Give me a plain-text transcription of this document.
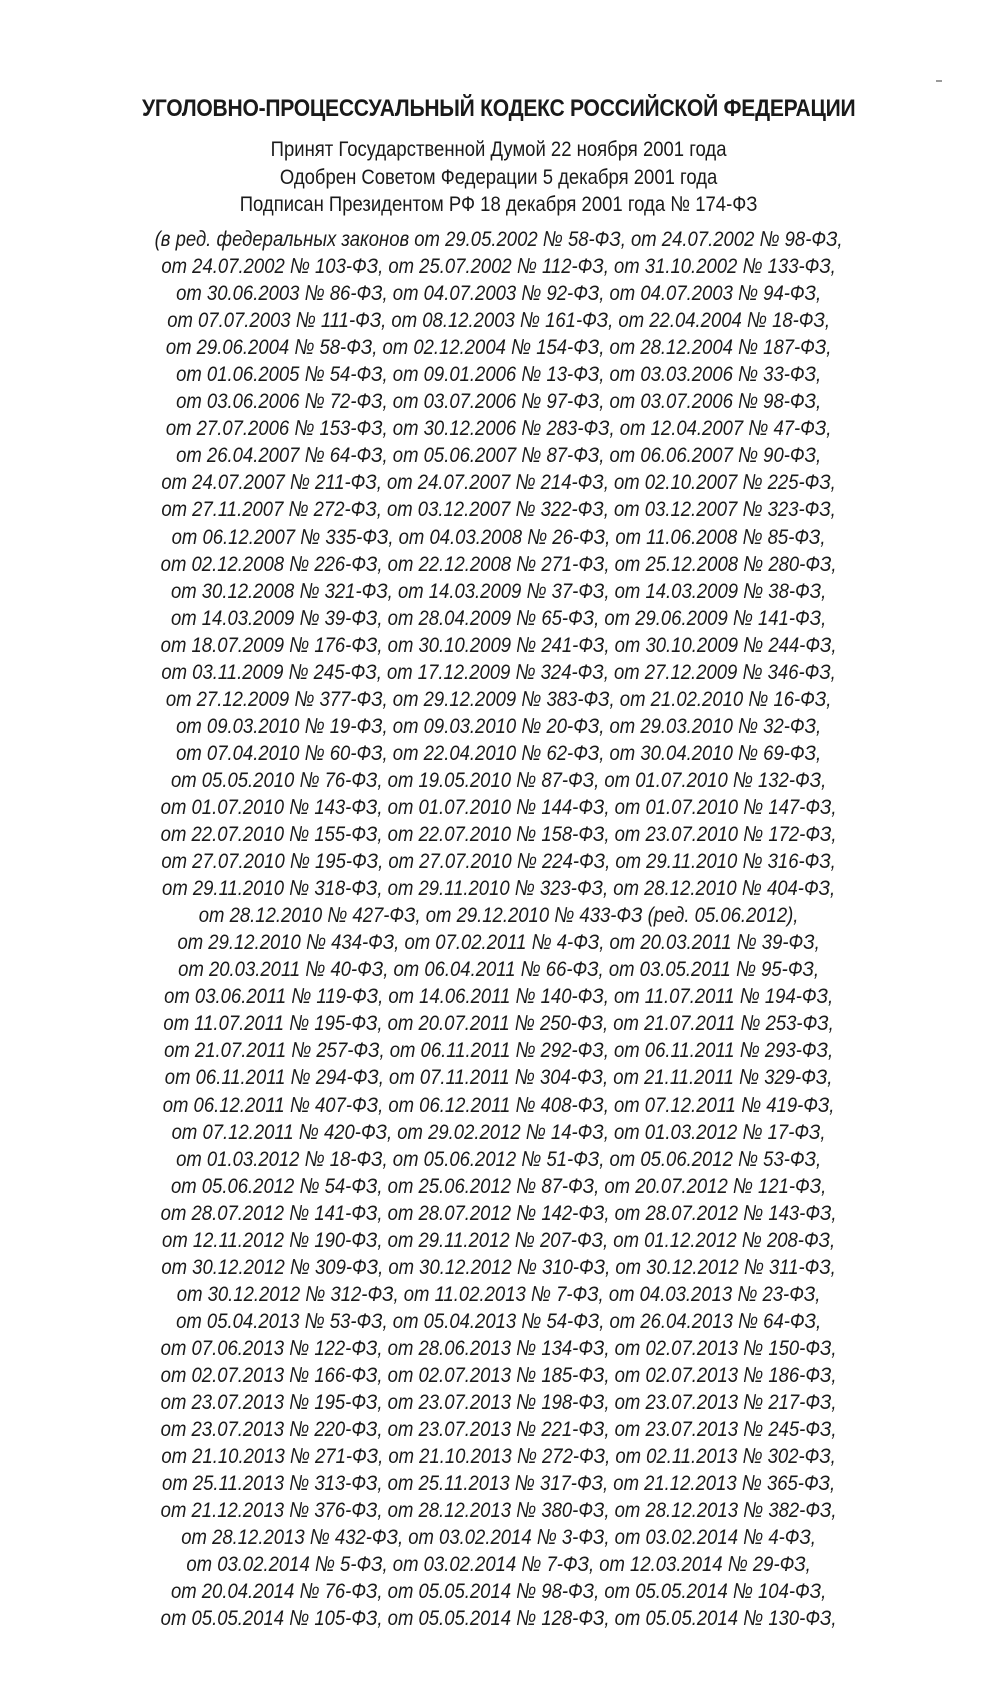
УГОЛОВНО-ПРОЦЕССУАЛЬНЫЙ КОДЕКС РОССИЙСКОЙ ФЕДЕРАЦИИ
Принят Государственной Думой 22 ноября 2001 года
Одобрен Советом Федерации 5 декабря 2001 года
Подписан Президентом РФ 18 декабря 2001 года № 174-ФЗ
(в ред. федеральных законов от 29.05.2002 № 58-ФЗ, от 24.07.2002 № 98-ФЗ,
от 24.07.2002 № 103-ФЗ, от 25.07.2002 № 112-ФЗ, от 31.10.2002 № 133-ФЗ,
от 30.06.2003 № 86-ФЗ, от 04.07.2003 № 92-ФЗ, от 04.07.2003 № 94-ФЗ,
от 07.07.2003 № 111-ФЗ, от 08.12.2003 № 161-ФЗ, от 22.04.2004 № 18-ФЗ,
от 29.06.2004 № 58-ФЗ, от 02.12.2004 № 154-ФЗ, от 28.12.2004 № 187-ФЗ,
от 01.06.2005 № 54-ФЗ, от 09.01.2006 № 13-ФЗ, от 03.03.2006 № 33-ФЗ,
от 03.06.2006 № 72-ФЗ, от 03.07.2006 № 97-ФЗ, от 03.07.2006 № 98-ФЗ,
от 27.07.2006 № 153-ФЗ, от 30.12.2006 № 283-ФЗ, от 12.04.2007 № 47-ФЗ,
от 26.04.2007 № 64-ФЗ, от 05.06.2007 № 87-ФЗ, от 06.06.2007 № 90-ФЗ,
от 24.07.2007 № 211-ФЗ, от 24.07.2007 № 214-ФЗ, от 02.10.2007 № 225-ФЗ,
от 27.11.2007 № 272-ФЗ, от 03.12.2007 № 322-ФЗ, от 03.12.2007 № 323-ФЗ,
от 06.12.2007 № 335-ФЗ, от 04.03.2008 № 26-ФЗ, от 11.06.2008 № 85-ФЗ,
от 02.12.2008 № 226-ФЗ, от 22.12.2008 № 271-ФЗ, от 25.12.2008 № 280-ФЗ,
от 30.12.2008 № 321-ФЗ, от 14.03.2009 № 37-ФЗ, от 14.03.2009 № 38-ФЗ,
от 14.03.2009 № 39-ФЗ, от 28.04.2009 № 65-ФЗ, от 29.06.2009 № 141-ФЗ,
от 18.07.2009 № 176-ФЗ, от 30.10.2009 № 241-ФЗ, от 30.10.2009 № 244-ФЗ,
от 03.11.2009 № 245-ФЗ, от 17.12.2009 № 324-ФЗ, от 27.12.2009 № 346-ФЗ,
от 27.12.2009 № 377-ФЗ, от 29.12.2009 № 383-ФЗ, от 21.02.2010 № 16-ФЗ,
от 09.03.2010 № 19-ФЗ, от 09.03.2010 № 20-ФЗ, от 29.03.2010 № 32-ФЗ,
от 07.04.2010 № 60-ФЗ, от 22.04.2010 № 62-ФЗ, от 30.04.2010 № 69-ФЗ,
от 05.05.2010 № 76-ФЗ, от 19.05.2010 № 87-ФЗ, от 01.07.2010 № 132-ФЗ,
от 01.07.2010 № 143-ФЗ, от 01.07.2010 № 144-ФЗ, от 01.07.2010 № 147-ФЗ,
от 22.07.2010 № 155-ФЗ, от 22.07.2010 № 158-ФЗ, от 23.07.2010 № 172-ФЗ,
от 27.07.2010 № 195-ФЗ, от 27.07.2010 № 224-ФЗ, от 29.11.2010 № 316-ФЗ,
от 29.11.2010 № 318-ФЗ, от 29.11.2010 № 323-ФЗ, от 28.12.2010 № 404-ФЗ,
от 28.12.2010 № 427-ФЗ, от 29.12.2010 № 433-ФЗ (ред. 05.06.2012),
от 29.12.2010 № 434-ФЗ, от 07.02.2011 № 4-ФЗ, от 20.03.2011 № 39-ФЗ,
от 20.03.2011 № 40-ФЗ, от 06.04.2011 № 66-ФЗ, от 03.05.2011 № 95-ФЗ,
от 03.06.2011 № 119-ФЗ, от 14.06.2011 № 140-ФЗ, от 11.07.2011 № 194-ФЗ,
от 11.07.2011 № 195-ФЗ, от 20.07.2011 № 250-ФЗ, от 21.07.2011 № 253-ФЗ,
от 21.07.2011 № 257-ФЗ, от 06.11.2011 № 292-ФЗ, от 06.11.2011 № 293-ФЗ,
от 06.11.2011 № 294-ФЗ, от 07.11.2011 № 304-ФЗ, от 21.11.2011 № 329-ФЗ,
от 06.12.2011 № 407-ФЗ, от 06.12.2011 № 408-ФЗ, от 07.12.2011 № 419-ФЗ,
от 07.12.2011 № 420-ФЗ, от 29.02.2012 № 14-ФЗ, от 01.03.2012 № 17-ФЗ,
от 01.03.2012 № 18-ФЗ, от 05.06.2012 № 51-ФЗ, от 05.06.2012 № 53-ФЗ,
от 05.06.2012 № 54-ФЗ, от 25.06.2012 № 87-ФЗ, от 20.07.2012 № 121-ФЗ,
от 28.07.2012 № 141-ФЗ, от 28.07.2012 № 142-ФЗ, от 28.07.2012 № 143-ФЗ,
от 12.11.2012 № 190-ФЗ, от 29.11.2012 № 207-ФЗ, от 01.12.2012 № 208-ФЗ,
от 30.12.2012 № 309-ФЗ, от 30.12.2012 № 310-ФЗ, от 30.12.2012 № 311-ФЗ,
от 30.12.2012 № 312-ФЗ, от 11.02.2013 № 7-ФЗ, от 04.03.2013 № 23-ФЗ,
от 05.04.2013 № 53-ФЗ, от 05.04.2013 № 54-ФЗ, от 26.04.2013 № 64-ФЗ,
от 07.06.2013 № 122-ФЗ, от 28.06.2013 № 134-ФЗ, от 02.07.2013 № 150-ФЗ,
от 02.07.2013 № 166-ФЗ, от 02.07.2013 № 185-ФЗ, от 02.07.2013 № 186-ФЗ,
от 23.07.2013 № 195-ФЗ, от 23.07.2013 № 198-ФЗ, от 23.07.2013 № 217-ФЗ,
от 23.07.2013 № 220-ФЗ, от 23.07.2013 № 221-ФЗ, от 23.07.2013 № 245-ФЗ,
от 21.10.2013 № 271-ФЗ, от 21.10.2013 № 272-ФЗ, от 02.11.2013 № 302-ФЗ,
от 25.11.2013 № 313-ФЗ, от 25.11.2013 № 317-ФЗ, от 21.12.2013 № 365-ФЗ,
от 21.12.2013 № 376-ФЗ, от 28.12.2013 № 380-ФЗ, от 28.12.2013 № 382-ФЗ,
от 28.12.2013 № 432-ФЗ, от 03.02.2014 № 3-ФЗ, от 03.02.2014 № 4-ФЗ,
от 03.02.2014 № 5-ФЗ, от 03.02.2014 № 7-ФЗ, от 12.03.2014 № 29-ФЗ,
от 20.04.2014 № 76-ФЗ, от 05.05.2014 № 98-ФЗ, от 05.05.2014 № 104-ФЗ,
от 05.05.2014 № 105-ФЗ, от 05.05.2014 № 128-ФЗ, от 05.05.2014 № 130-ФЗ,
